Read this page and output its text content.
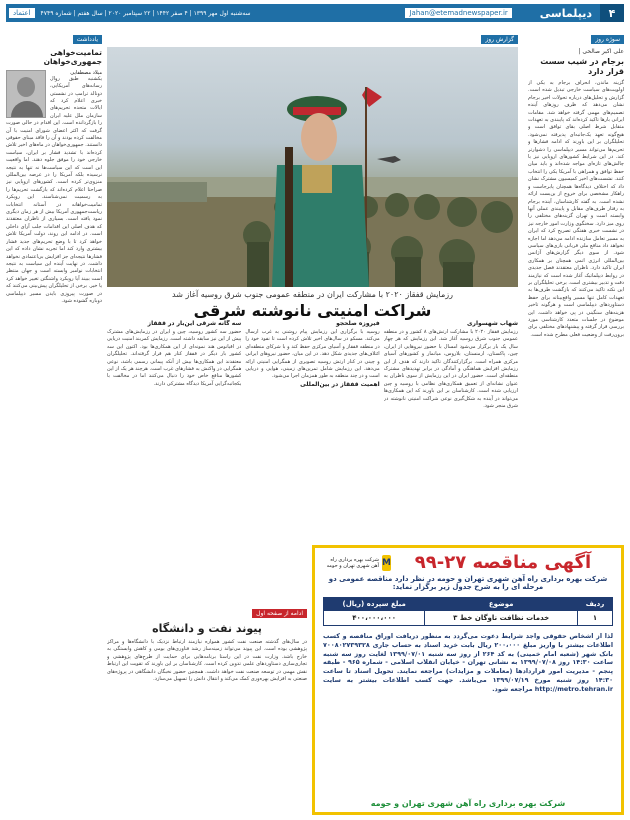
۴
دیپلماسی
Jahan@etemadnewspaper.ir
سه‌شنبه اول مهر ۱۳۹۹ | ۴ صفر ۱۴۴۲ | ۲۲ سپتامبر ۲۰۲۰ | سال هفتم | شماره ۴۷۴۹
اعتماد
سوژه روز
علی اکبر صالحی |
برجام در شیب‌ سست قرار دارد

گزینه ماندن، انحراف برجام به یکی از اولویت‌های سیاست خارجی تبدیل شده است. گزارش و تحلیل‌های درباره تحولات اخیر برجام نشان می‌دهد که ظرف روزهای آینده تصمیم‌های مهمی گرفته خواهد شد. مقامات ایرانی بارها تاکید کرده‌اند که پایبندی به تعهدات متقابل شرط اصلی بقای توافق است و هیچ‌گونه تعهد یک‌جانبه‌ای پذیرفته نمی‌شود. تحلیلگران بر این باورند که ادامه فشارها و تحریم‌ها می‌تواند مسیر دیپلماسی را دشوارتر کند. در این شرایط کشورهای اروپایی نیز با چالش‌های تازه‌ای مواجه شده‌اند و باید میان حفظ توافق و همراهی با آمریکا یکی را انتخاب کنند. نشست‌های اخیر کمیسیون مشترک نشان داد که اختلاف دیدگاه‌ها همچنان پابرجاست و راهکار مشخصی برای خروج از بن‌بست ارائه نشده است. به گفته کارشناسان، آینده برجام به رفتار طرف‌های مقابل و پایبندی عملی آنها وابسته است و تهران گزینه‌های مختلفی را روی میز دارد. سخنگوی وزارت امور خارجه نیز در نشست خبری هفتگی تصریح کرد که ایران به مسیر تعامل سازنده ادامه می‌دهد اما اجازه نخواهد داد منافع ملی قربانی بازی‌های سیاسی شود. از سوی دیگر گزارش‌های آژانس بین‌المللی انرژی اتمی همچنان بر همکاری ایران تاکید دارد. ناظران معتقدند فصل جدیدی در روابط دیپلماتیک آغاز شده است که نیازمند دقت و تدبیر بیشتری است. برخی تحلیلگران بر این نکته تاکید می‌کنند که بازگشت طرف‌ها به تعهدات کامل تنها مسیر واقع‌بینانه برای حفظ دستاوردهای دیپلماسی است و هرگونه تاخیر هزینه‌های سنگینی در پی خواهد داشت. این موضوع در جلسات متعدد کارشناسی مورد بررسی قرار گرفته و پیشنهادهای مختلفی برای برون‌رفت از وضعیت فعلی مطرح شده است.

گزارش روز
رزمایش قفقاز ۲۰۲۰ با مشارکت ایران در منطقه عمومی جنوب شرق روسیه آغاز شد
شراکت امنیتی نانوشته شرقی
شهاب شهسواری

رزمایش قفقاز ۲۰۲۰ با مشارکت ارتش‌های ۸ کشور و در منطقه عمومی جنوب شرق روسیه آغاز شد. این رزمایش که هر چهار سال یک بار برگزار می‌شود امسال با حضور نیروهایی از ایران، چین، پاکستان، ارمنستان، بلاروس، میانمار و کشورهای آسیای مرکزی همراه است. برگزارکنندگان تاکید دارند که هدف از این رزمایش افزایش هماهنگی و آمادگی در برابر تهدیدهای مشترک منطقه‌ای است. حضور ایران در این رزمایش از سوی ناظران به عنوان نشانه‌ای از تعمیق همکاری‌های نظامی با روسیه و چین ارزیابی شده است. کارشناسان بر این باورند که این همکاری‌ها می‌تواند در آینده به شکل‌گیری نوعی شراکت امنیتی نانوشته در شرق منجر شود.

فیروزه صلحجو

روسیه با برگزاری این رزمایش پیام روشنی به غرب ارسال می‌کند. مسکو در سال‌های اخیر تلاش کرده است تا نفوذ خود را در منطقه قفقاز و آسیای مرکزی حفظ کند و با شرکای منطقه‌ای ائتلاف‌های جدیدی شکل دهد. در این میان، حضور نیروهای ایرانی و چینی در کنار ارتش روسیه تصویری از همگرایی امنیتی ارائه می‌دهد. این رزمایش شامل تمرین‌های زمینی، هوایی و دریایی است و در چند منطقه به طور همزمان اجرا می‌شود.

اهمیت قفقاز در بین‌المللی
سه گانه شرقی این‌بار در قفقاز

حضور سه کشور روسیه، چین و ایران در رزمایش‌های مشترک پیش از این نیز سابقه داشته است. رزمایش کمربند امنیت دریایی در اقیانوس هند نمونه‌ای از این همکاری‌ها بود. اکنون این سه کشور بار دیگر در قفقاز کنار هم قرار گرفته‌اند. تحلیلگران معتقدند این همکاری‌ها بیش از آنکه پیمانی رسمی باشد، نوعی همگرایی در واکنش به فشارهای غرب است. هرچند هر یک از این کشورها منافع خاص خود را دنبال می‌کنند اما در مخالفت با یکجانبه‌گرایی آمریکا دیدگاه مشترکی دارند.

یادداشت
تمامیت‌خواهی جمهوری‌خواهان
میلاد مصطفایی

یکشنبه طبق روال رسانه‌های آمریکایی، دونالد ترامپ در نشستی خبری اعلام کرد که ایالات متحده تحریم‌های سازمان ملل علیه ایران را بازگردانده است. این اقدام در حالی صورت گرفت که اکثر اعضای شورای امنیت با آن مخالفت کرده بودند و آن را فاقد مبنای حقوقی دانستند. جمهوری‌خواهان در ماه‌های اخیر تلاش کرده‌اند با تشدید فشار بر ایران، سیاست خارجی خود را موفق جلوه دهند. اما واقعیت این است که این سیاست‌ها نه تنها به نتیجه نرسیده بلکه آمریکا را در عرصه بین‌المللی منزوی‌تر کرده است. کشورهای اروپایی نیز صراحتا اعلام کرده‌اند که بازگشت تحریم‌ها را به رسمیت نمی‌شناسند. این رویکرد تمامیت‌خواهانه در آستانه انتخابات ریاست‌جمهوری آمریکا بیش از هر زمان دیگری نمود یافته است. بسیاری از ناظران معتقدند که هدف اصلی این اقدامات جلب آرای داخلی است. در ادامه این روند، دولت آمریکا تلاش خواهد کرد تا با وضع تحریم‌های جدید فشار بیشتری وارد کند اما تجربه نشان داده که این فشارها نتیجه‌ای جز افزایش بی‌اعتمادی نخواهد داشت. در نهایت آینده این سیاست به نتیجه انتخابات نوامبر وابسته است و جهان منتظر است ببیند آیا رویکرد واشنگتن تغییر خواهد کرد یا خیر. برخی از تحلیلگران پیش‌بینی می‌کنند که در صورت پیروزی بایدن مسیر دیپلماسی دوباره گشوده شود.

ادامه از صفحه اول
پیوند نفت و دانشگاه

در سال‌های گذشته صنعت نفت کشور همواره نیازمند ارتباط نزدیک با دانشگاه‌ها و مراکز پژوهشی بوده است. این پیوند می‌تواند زمینه‌ساز رشد فناوری‌های بومی و کاهش وابستگی به خارج باشد. وزارت نفت در این راستا برنامه‌هایی برای حمایت از طرح‌های پژوهشی و تجاری‌سازی دستاوردهای علمی تدوین کرده است. کارشناسان بر این باورند که تقویت این ارتباط نقش مهمی در توسعه صنعت نفت خواهد داشت. همچنین حضور نخبگان دانشگاهی در پروژه‌های صنعتی به افزایش بهره‌وری کمک می‌کند و انتقال دانش را تسهیل می‌سازد.

آگهی مناقصه ۲۷-۹۹
M
شرکت بهره برداری راه آهن شهری تهران و حومه
شرکت بهره برداری راه آهن شهری تهران و حومه در نظر دارد مناقصه عمومی دو مرحله ای را به شرح جدول زیر برگزار نماید:
ردیف	موضوع	مبلغ سپرده (ریال)
۱	خدمات نظافت ناوگان خط ۳	۴۰۰،۰۰۰،۰۰۰

لذا از اشخاص حقوقی واجد شرایط دعوت می‌گردد به منظور دریافت اوراق مناقصه و کسب اطلاعات بیشتر با واریز مبلغ ۲۰۰،۰۰۰ ریال بابت خرید اسناد به حساب جاری ۷۰۰۸۰۲۷۳۹۳۲۸ بانک شهر (شعبه امام خمینی) به کد ۲۶۴ از روز سه شنبه ۱۳۹۹/۰۷/۰۱ لغایت روز سه شنبه ساعت ۱۴:۳۰ روز ۱۳۹۹/۰۷/۰۸ به نشانی تهران - خیابان انقلاب اسلامی - شماره ۹۶۵ - طبقه پنجم - مدیریت امور قراردادها (معاملات و مزایدات) مراجعه نمایند. تحویل اسناد تا ساعت ۱۴:۳۰ روز شنبه مورخ ۱۳۹۹/۰۷/۱۹ می‌باشد. جهت کسب اطلاعات بیشتر به سایت http://metro.tehran.ir مراجعه شود.

شرکت بهره برداری راه آهن شهری تهران و حومه
